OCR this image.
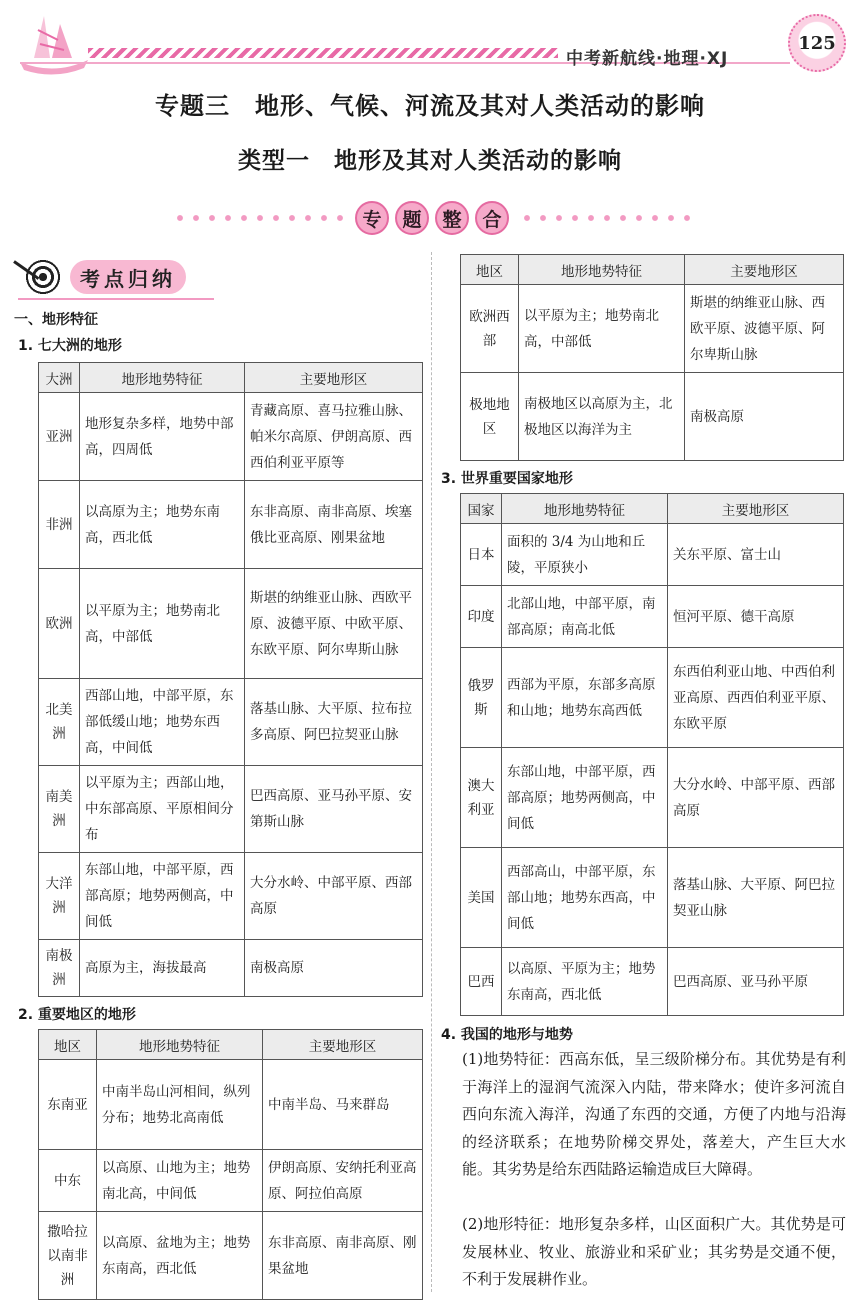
中考新航线·地理·XJ
125
专题三　地形、气候、河流及其对人类活动的影响
类型一　地形及其对人类活动的影响
专	题	整	合
考点归纳
一、地形特征
1. 七大洲的地形
大洲	地形地势特征	主要地形区
亚洲	地形复杂多样，地势中部高，四周低	青藏高原、喜马拉雅山脉、帕米尔高原、伊朗高原、西西伯利亚平原等
非洲	以高原为主；地势东南高，西北低	东非高原、南非高原、埃塞俄比亚高原、刚果盆地
欧洲	以平原为主；地势南北高，中部低	斯堪的纳维亚山脉、西欧平原、波德平原、中欧平原、东欧平原、阿尔卑斯山脉
北美洲	西部山地，中部平原，东部低缓山地；地势东西高，中间低	落基山脉、大平原、拉布拉多高原、阿巴拉契亚山脉
南美洲	以平原为主；西部山地，中东部高原、平原相间分布	巴西高原、亚马孙平原、安第斯山脉
大洋洲	东部山地，中部平原，西部高原；地势两侧高，中间低	大分水岭、中部平原、西部高原
南极洲	高原为主，海拔最高	南极高原
2. 重要地区的地形
地区	地形地势特征	主要地形区
东南亚	中南半岛山河相间，纵列分布；地势北高南低	中南半岛、马来群岛
中东	以高原、山地为主；地势南北高，中间低	伊朗高原、安纳托利亚高原、阿拉伯高原
撒哈拉以南非洲	以高原、盆地为主；地势东南高，西北低	东非高原、南非高原、刚果盆地
地区	地形地势特征	主要地形区
欧洲西部	以平原为主；地势南北高，中部低	斯堪的纳维亚山脉、西欧平原、波德平原、阿尔卑斯山脉
极地地区	南极地区以高原为主，北极地区以海洋为主	南极高原
3. 世界重要国家地形
国家	地形地势特征	主要地形区
日本	面积的 3/4 为山地和丘陵，平原狭小	关东平原、富士山
印度	北部山地，中部平原，南部高原；南高北低	恒河平原、德干高原
俄罗斯	西部为平原，东部多高原和山地；地势东高西低	东西伯利亚山地、中西伯利亚高原、西西伯利亚平原、东欧平原
澳大利亚	东部山地，中部平原，西部高原；地势两侧高，中间低	大分水岭、中部平原、西部高原
美国	西部高山，中部平原，东部山地；地势东西高，中间低	落基山脉、大平原、阿巴拉契亚山脉
巴西	以高原、平原为主；地势东南高，西北低	巴西高原、亚马孙平原
4. 我国的地形与地势
(1)地势特征：西高东低，呈三级阶梯分布。其优势是有利于海洋上的湿润气流深入内陆，带来降水；使许多河流自西向东流入海洋，沟通了东西的交通，方便了内地与沿海的经济联系；在地势阶梯交界处，落差大，产生巨大水能。其劣势是给东西陆路运输造成巨大障碍。
(2)地形特征：地形复杂多样，山区面积广大。其优势是可发展林业、牧业、旅游业和采矿业；其劣势是交通不便，不利于发展耕作业。
